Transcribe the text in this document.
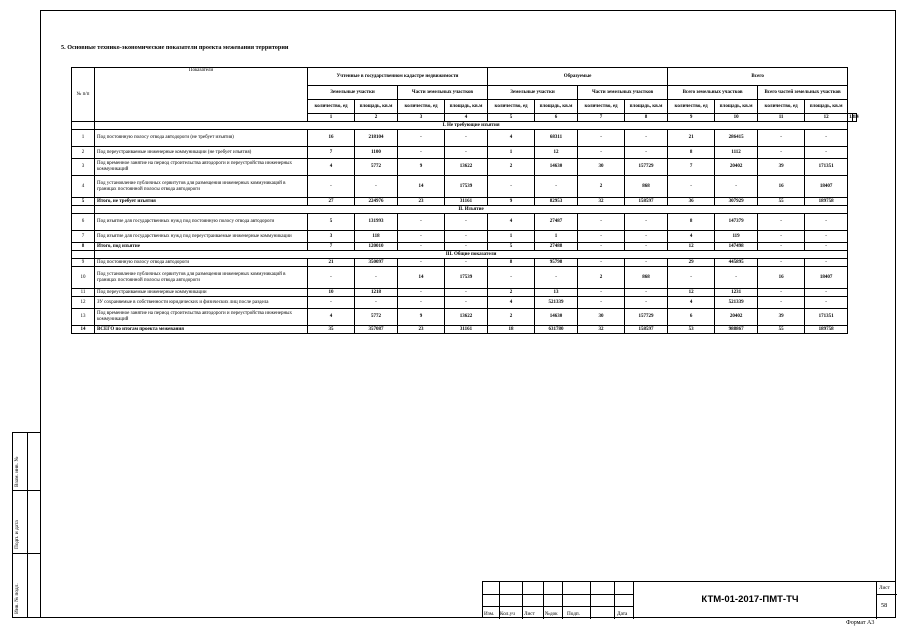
5. Основные технико-экономические показатели проекта межевания территории
№ п/п	Показатели	Учтенные в государственном кадастре недвижимости				Образуемые				Всего					
		Земельные участки		Части земельных участков		Земельные участки		Части земельных участков		Всего земельных участков		Всего частей земельных участков			
		количество, ед	площадь, кв.м	количество, ед	площадь, кв.м	количество, ед	площадь, кв.м	количество, ед	площадь, кв.м	количество, ед	площадь, кв.м	количество, ед	площадь, кв.м		
		1	2	3	4	5	6	7	8	9	10	11	12	13	14
	I. Не требующие изъятия														
1	Под постоянную полосу отвода автодороги (не требует изъятия)	16	218104	-	-	4	68311	-	-	21	286415	-	-		
2	Под переустраиваемые инженерные коммуникации (не требует изъятия)	7	1100	-	-	1	12	-	-	8	1112	-	-		
3	Под временное занятие на период строительства автодороги и переустройства инженерных коммуникаций	4	5772	9	13622	2	14630	30	157729	7	20402	39	171351		
4	Под установление публичных сервитутов для размещения инженерных коммуникаций в границах постоянной полосы отвода автодороги	-	-	14	17539	-	-	2	868	-	-	16	18407		
5	Итого, не требует изъятия	27	224976	23	31161	9	82953	32	158597	36	307929	55	189758		
	II. Изъятие														
6	Под изъятие для государственных нужд под постоянную полосу отвода автодороги	5	131993	-	-	4	27487	-	-	8	147379	-	-		
7	Под изъятие для государственных нужд под переустраиваемые инженерные коммуникации	3	118	-	-	1	1	-	-	4	119	-	-		
8	Итого, под изъятие	7	120010	-	-	5	27488	-	-	12	147498	-	-		
	III. Общие показатели														
9	Под постоянную полосу отвода автодороги	21	350097	-	-	8	95798	-	-	29	445895	-	-		
10	Под установление публичных сервитутов для размещения инженерных коммуникаций в границах постоянной полосы отвода автодороги	-	-	14	17539	-	-	2	868	-	-	16	18407		
11	Под переустраиваемые инженерные коммуникации	10	1218	-	-	2	13	-	-	12	1231	-	-		
12	ЗУ сохраняемые в собственности юридических и физических лиц после раздела	-	-	-	-	4	521339	-	-	4	521339	-	-		
13	Под временное занятие на период строительства автодороги и переустройства инженерных коммуникаций	4	5772	9	13622	2	14630	30	157729	6	20402	39	171351		
14	ВСЕГО по итогам проекта межевания	35	357087	23	31161	18	631780	32	158597	53	988867	55	189758		
Взам. инв. №
Подп. и дата
Инв. № подл.	Изм. Кол.уч Лист №док Подп.	Дата
КТМ-01-2017-ПМТ-ТЧ
Лист
58
Формат А3
